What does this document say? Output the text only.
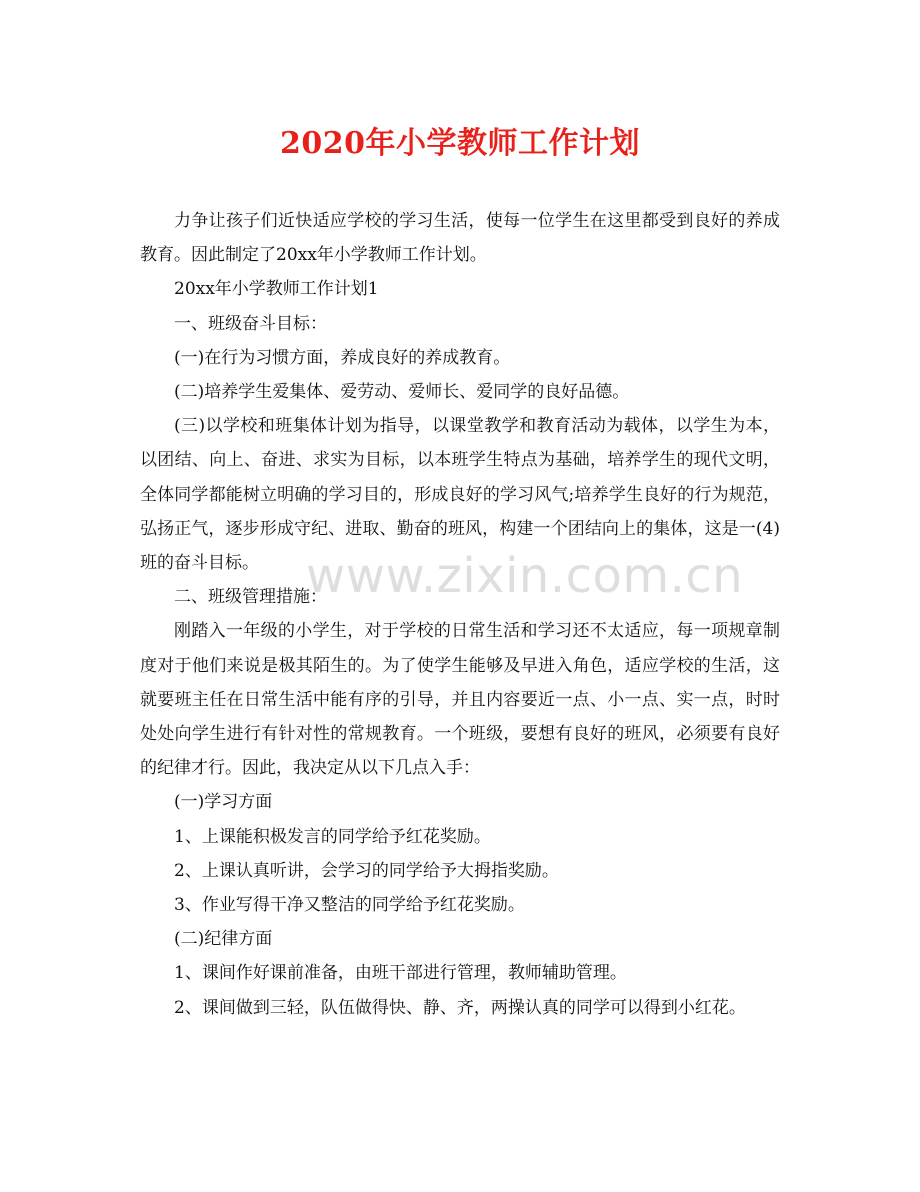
2020年小学教师工作计划

力争让孩子们近快适应学校的学习生活，使每一位学生在这里都受到良好的养成教育。因此制定了20xx年小学教师工作计划。

20xx年小学教师工作计划1

一、班级奋斗目标：

(一)在行为习惯方面，养成良好的养成教育。

(二)培养学生爱集体、爱劳动、爱师长、爱同学的良好品德。

(三)以学校和班集体计划为指导，以课堂教学和教育活动为载体，以学生为本，以团结、向上、奋进、求实为目标，以本班学生特点为基础，培养学生的现代文明，全体同学都能树立明确的学习目的，形成良好的学习风气;培养学生良好的行为规范，弘扬正气，逐步形成守纪、进取、勤奋的班风，构建一个团结向上的集体，这是一(4)班的奋斗目标。

二、班级管理措施：

刚踏入一年级的小学生，对于学校的日常生活和学习还不太适应，每一项规章制度对于他们来说是极其陌生的。为了使学生能够及早进入角色，适应学校的生活，这就要班主任在日常生活中能有序的引导，并且内容要近一点、小一点、实一点，时时处处向学生进行有针对性的常规教育。一个班级，要想有良好的班风，必须要有良好的纪律才行。因此，我决定从以下几点入手：

(一)学习方面

1、上课能积极发言的同学给予红花奖励。

2、上课认真听讲，会学习的同学给予大拇指奖励。

3、作业写得干净又整洁的同学给予红花奖励。

(二)纪律方面

1、课间作好课前准备，由班干部进行管理，教师辅助管理。

2、课间做到三轻，队伍做得快、静、齐，两操认真的同学可以得到小红花。

www.zixin.com.cn
